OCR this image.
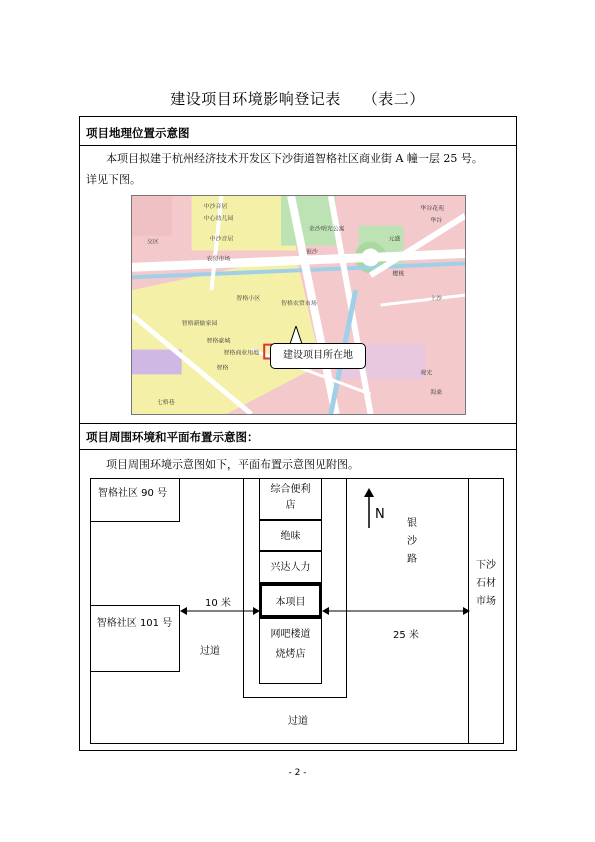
建设项目环境影响登记表 （表二）
项目地理位置示意图
本项目拟建于杭州经济技术开发区下沙街道智格社区商业街 A 幢一层 25 号。
详见下图。
中沙音居
中心幼儿园
中沙音居
智格小区
智格新愉家园
智格豪城
智格商业用地
金沙明光公寓
智格农贸市场
农贸市场
元盛
樱桃
上沙
七格巷
智格
交区
华谷花苑
华谷
银沙
观光
海桑
建设项目所在地
项目周围环境和平面布置示意图：
项目周围环境示意图如下，平面布置示意图见附图。
智格社区 90 号
智格社区 101 号
综合便利
店
绝味
兴达人力
本项目
网吧楼道
烧烤店
10 米
25 米
过道
过道
N
银
沙
路
下沙
石材
市场
- 2 -
